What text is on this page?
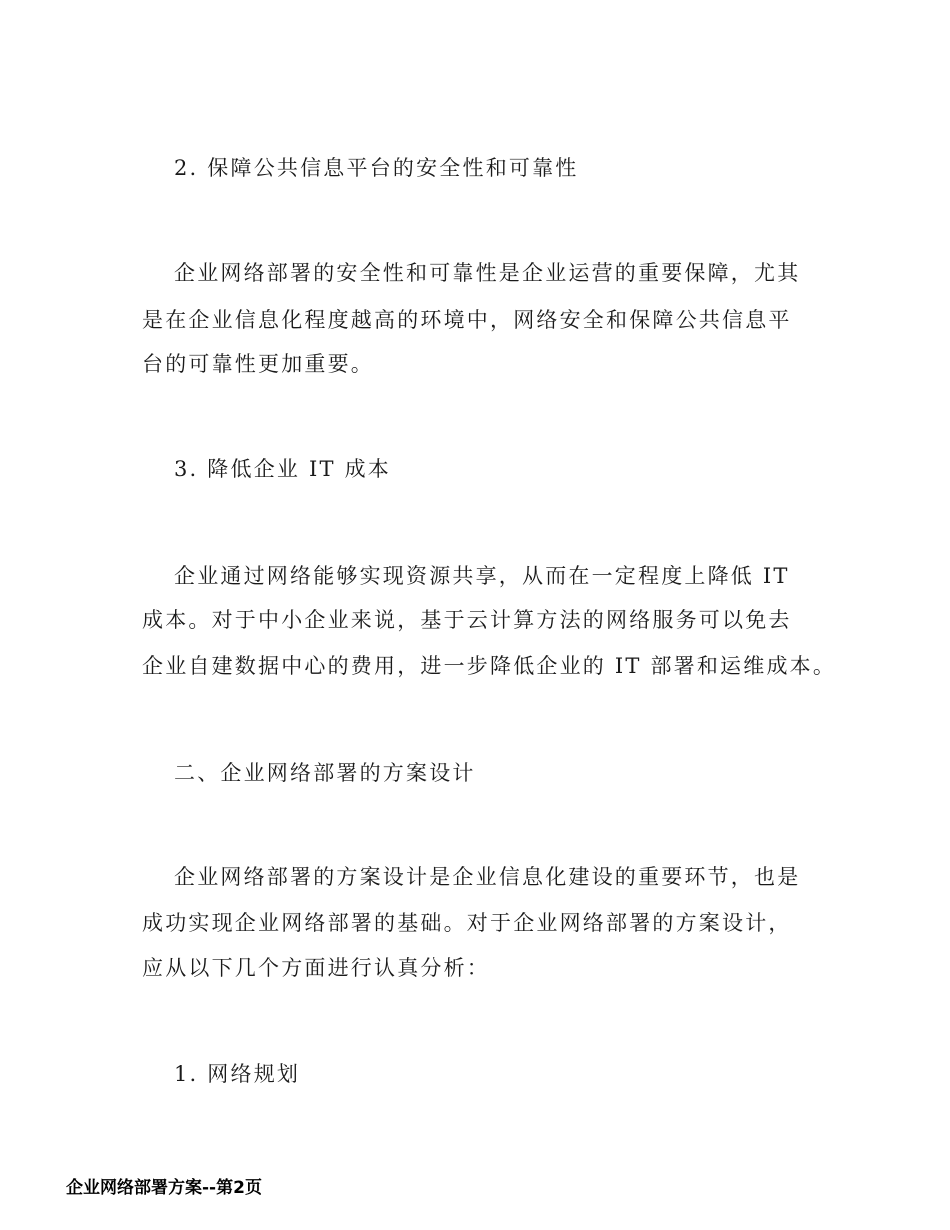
2. 保障公共信息平台的安全性和可靠性
企业网络部署的安全性和可靠性是企业运营的重要保障，尤其
是在企业信息化程度越高的环境中，网络安全和保障公共信息平
台的可靠性更加重要。
3. 降低企业 IT 成本
企业通过网络能够实现资源共享，从而在一定程度上降低 IT
成本。对于中小企业来说，基于云计算方法的网络服务可以免去
企业自建数据中心的费用，进一步降低企业的 IT 部署和运维成本。
二、企业网络部署的方案设计
企业网络部署的方案设计是企业信息化建设的重要环节，也是
成功实现企业网络部署的基础。对于企业网络部署的方案设计，
应从以下几个方面进行认真分析：
1. 网络规划
企业网络部署方案--第2页
